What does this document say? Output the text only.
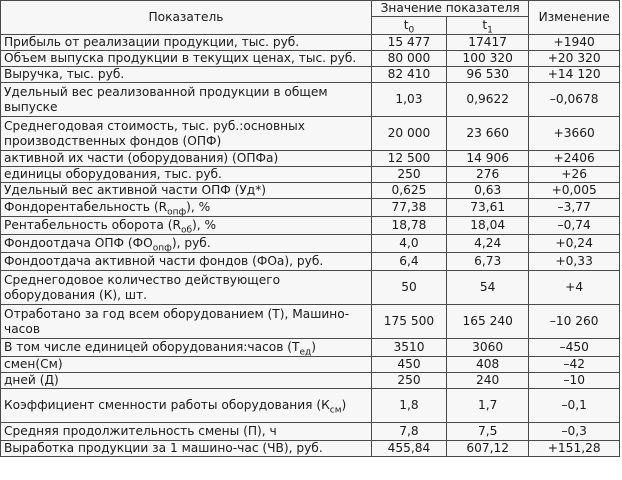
Показатель	Значение показателя		Изменение
	$t_0$	$t_1$
Прибыль от реализации продукции, тыс. руб.	15 477	17417	+1940
Объем выпуска продукции в текущих ценах, тыс. руб.	80 000	100 320	+20 320
Выручка, тыс. руб.	82 410	96 530	+14 120
Удельный вес реализованной продукции в общем выпуске	1,03	0,9622	–0,0678
Среднегодовая стоимость, тыс. руб.:основных производственных фондов (ОПФ)	20 000	23 660	+3660
активной их части (оборудования) (ОПФа)	12 500	14 906	+2406
единицы оборудования, тыс. руб.	250	276	+26
Удельный вес активной части ОПФ (Уд*)	0,625	0,63	+0,005
Фондорентабельность $(R_{опф})$, %	77,38	73,61	–3,77
Рентабельность оборота $(R_{об})$, %	18,78	18,04	–0,74
Фондоотдача ОПФ $(ФО_{опф})$, руб.	4,0	4,24	+0,24
Фондоотдача активной части фондов (ФОа), руб.	6,4	6,73	+0,33
Среднегодовое количество действующего оборудования (К), шт.	50	54	+4
Отработано за год всем оборудованием (Т), Машино-часов	175 500	165 240	–10 260
В том числе единицей оборудования:часов $(Т_{ед})$	3510	3060	–450
смен(См)	450	408	–42
дней (Д)	250	240	–10
Коэффициент сменности работы оборудования $(К_{см})$	1,8	1,7	–0,1
Средняя продолжительность смены (П), ч	7,8	7,5	–0,3
Выработка продукции за 1 машино-час (ЧВ), руб.	455,84	607,12	+151,28
